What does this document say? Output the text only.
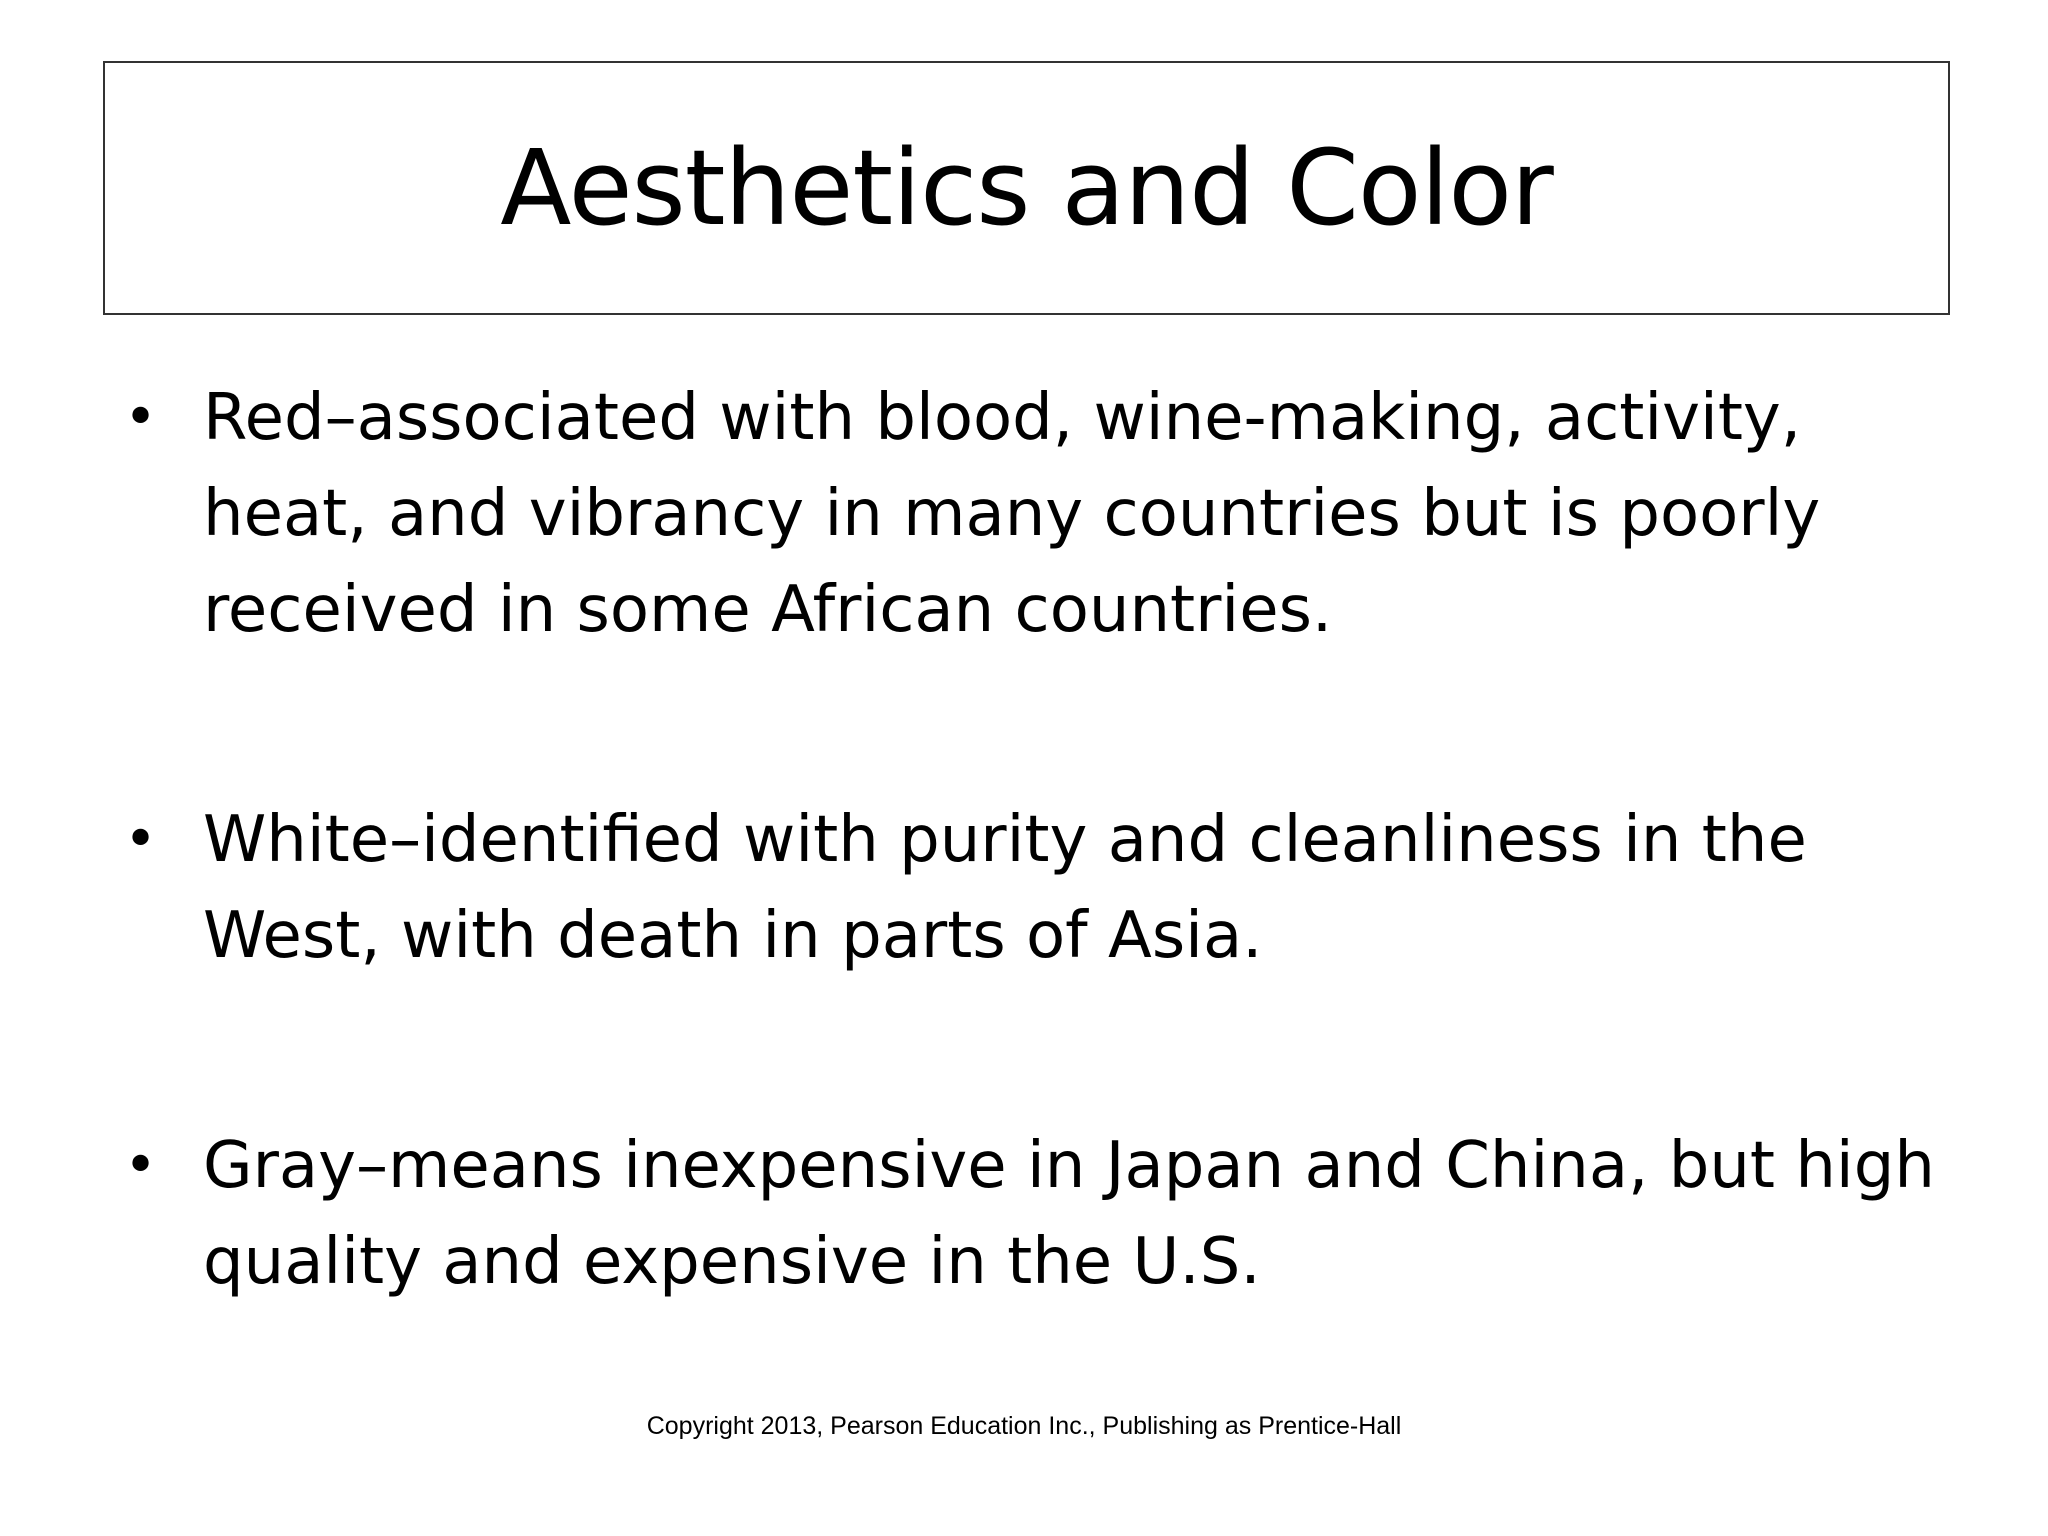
Aesthetics and Color
• Red–associated with blood, wine-making, activity, heat, and vibrancy in many countries but is poorly received in some African countries.
• White–identified with purity and cleanliness in the West, with death in parts of Asia.
• Gray–means inexpensive in Japan and China, but high quality and expensive in the U.S.
Copyright 2013, Pearson Education Inc., Publishing as Prentice-Hall
